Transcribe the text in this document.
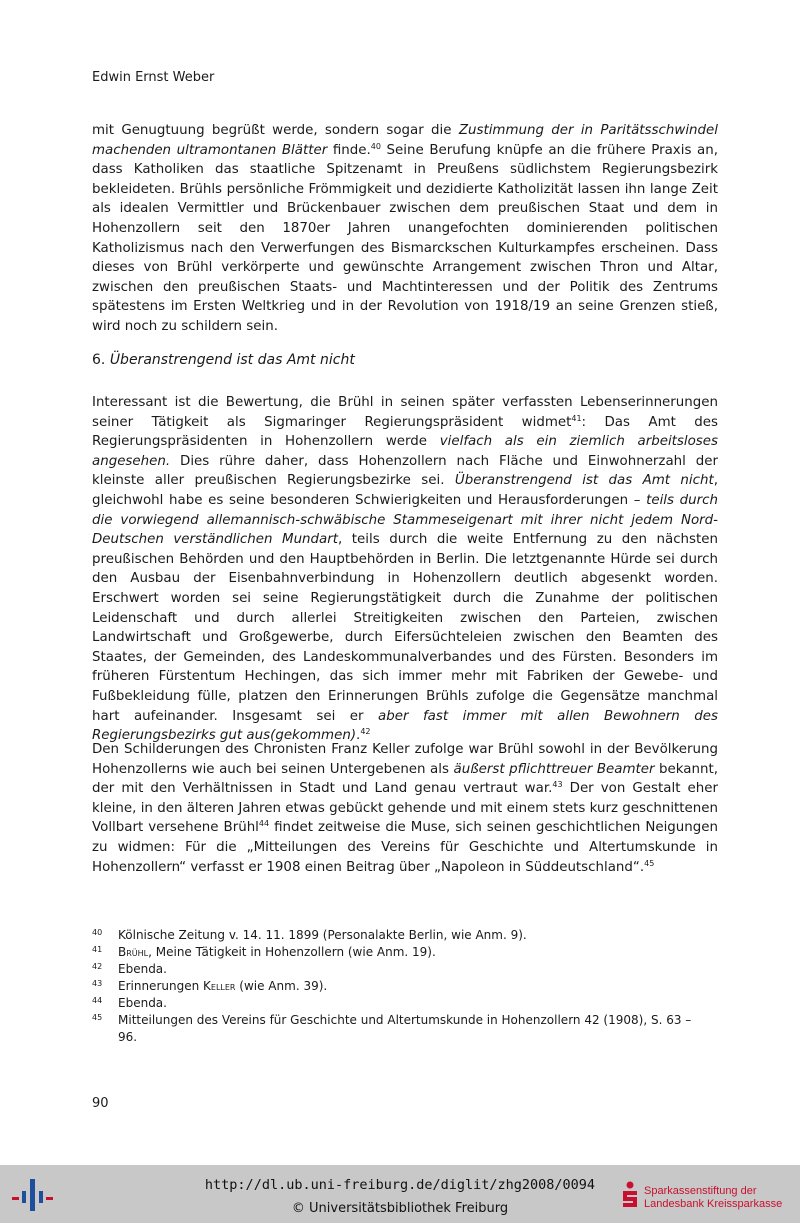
Edwin Ernst Weber

mit Genugtuung begrüßt werde, sondern sogar die Zustimmung der in Paritätsschwindel machenden ultramontanen Blätter finde.$^{40}$ Seine Berufung knüpfe an die frühere Praxis an, dass Katholiken das staatliche Spitzenamt in Preußens südlichstem Regierungsbezirk bekleideten. Brühls persönliche Frömmigkeit und dezidierte Katholizität lassen ihn lange Zeit als idealen Vermittler und Brückenbauer zwischen dem preußischen Staat und dem in Hohenzollern seit den 1870er Jahren unangefochten dominierenden politischen Katholizismus nach den Verwerfungen des Bismarckschen Kulturkampfes erscheinen. Dass dieses von Brühl verkörperte und gewünschte Arrangement zwischen Thron und Altar, zwischen den preußischen Staats- und Machtinteressen und der Politik des Zentrums spätestens im Ersten Weltkrieg und in der Revolution von 1918/19 an seine Grenzen stieß, wird noch zu schildern sein.

6. Überanstrengend ist das Amt nicht

Interessant ist die Bewertung, die Brühl in seinen später verfassten Lebenserinnerungen seiner Tätigkeit als Sigmaringer Regierungspräsident widmet$^{41}$: Das Amt des Regierungspräsidenten in Hohenzollern werde vielfach als ein ziemlich arbeitsloses angesehen. Dies rühre daher, dass Hohenzollern nach Fläche und Einwohnerzahl der kleinste aller preußischen Regierungsbezirke sei. Überanstrengend ist das Amt nicht, gleichwohl habe es seine besonderen Schwierigkeiten und Herausforderungen – teils durch die vorwiegend allemannisch-schwäbische Stammeseigenart mit ihrer nicht jedem Nord-Deutschen verständlichen Mundart, teils durch die weite Entfernung zu den nächsten preußischen Behörden und den Hauptbehörden in Berlin. Die letztgenannte Hürde sei durch den Ausbau der Eisenbahnverbindung in Hohenzollern deutlich abgesenkt worden. Erschwert worden sei seine Regierungstätigkeit durch die Zunahme der politischen Leidenschaft und durch allerlei Streitigkeiten zwischen den Parteien, zwischen Landwirtschaft und Großgewerbe, durch Eifersüchteleien zwischen den Beamten des Staates, der Gemeinden, des Landeskommunalverbandes und des Fürsten. Besonders im früheren Fürstentum Hechingen, das sich immer mehr mit Fabriken der Gewebe- und Fußbekleidung fülle, platzen den Erinnerungen Brühls zufolge die Gegensätze manchmal hart aufeinander. Insgesamt sei er aber fast immer mit allen Bewohnern des Regierungsbezirks gut aus(gekommen).$^{42}$

Den Schilderungen des Chronisten Franz Keller zufolge war Brühl sowohl in der Bevölkerung Hohenzollerns wie auch bei seinen Untergebenen als äußerst pflichttreuer Beamter bekannt, der mit den Verhältnissen in Stadt und Land genau vertraut war.$^{43}$ Der von Gestalt eher kleine, in den älteren Jahren etwas gebückt gehende und mit einem stets kurz geschnittenen Vollbart versehene Brühl$^{44}$ findet zeitweise die Muse, sich seinen geschichtlichen Neigungen zu widmen: Für die „Mitteilungen des Vereins für Geschichte und Altertumskunde in Hohenzollern“ verfasst er 1908 einen Beitrag über „Napoleon in Süddeutschland“.$^{45}$

40	Kölnische Zeitung v. 14. 11. 1899 (Personalakte Berlin, wie Anm. 9).
41	Brühl, Meine Tätigkeit in Hohenzollern (wie Anm. 19).
42	Ebenda.
43	Erinnerungen Keller (wie Anm. 39).
44	Ebenda.
45	Mitteilungen des Vereins für Geschichte und Altertumskunde in Hohenzollern 42 (1908), S. 63 – 96.
90
http://dl.ub.uni-freiburg.de/diglit/zhg2008/0094
© Universitätsbibliothek Freiburg
Sparkassenstiftung der
Landesbank Kreissparkasse
